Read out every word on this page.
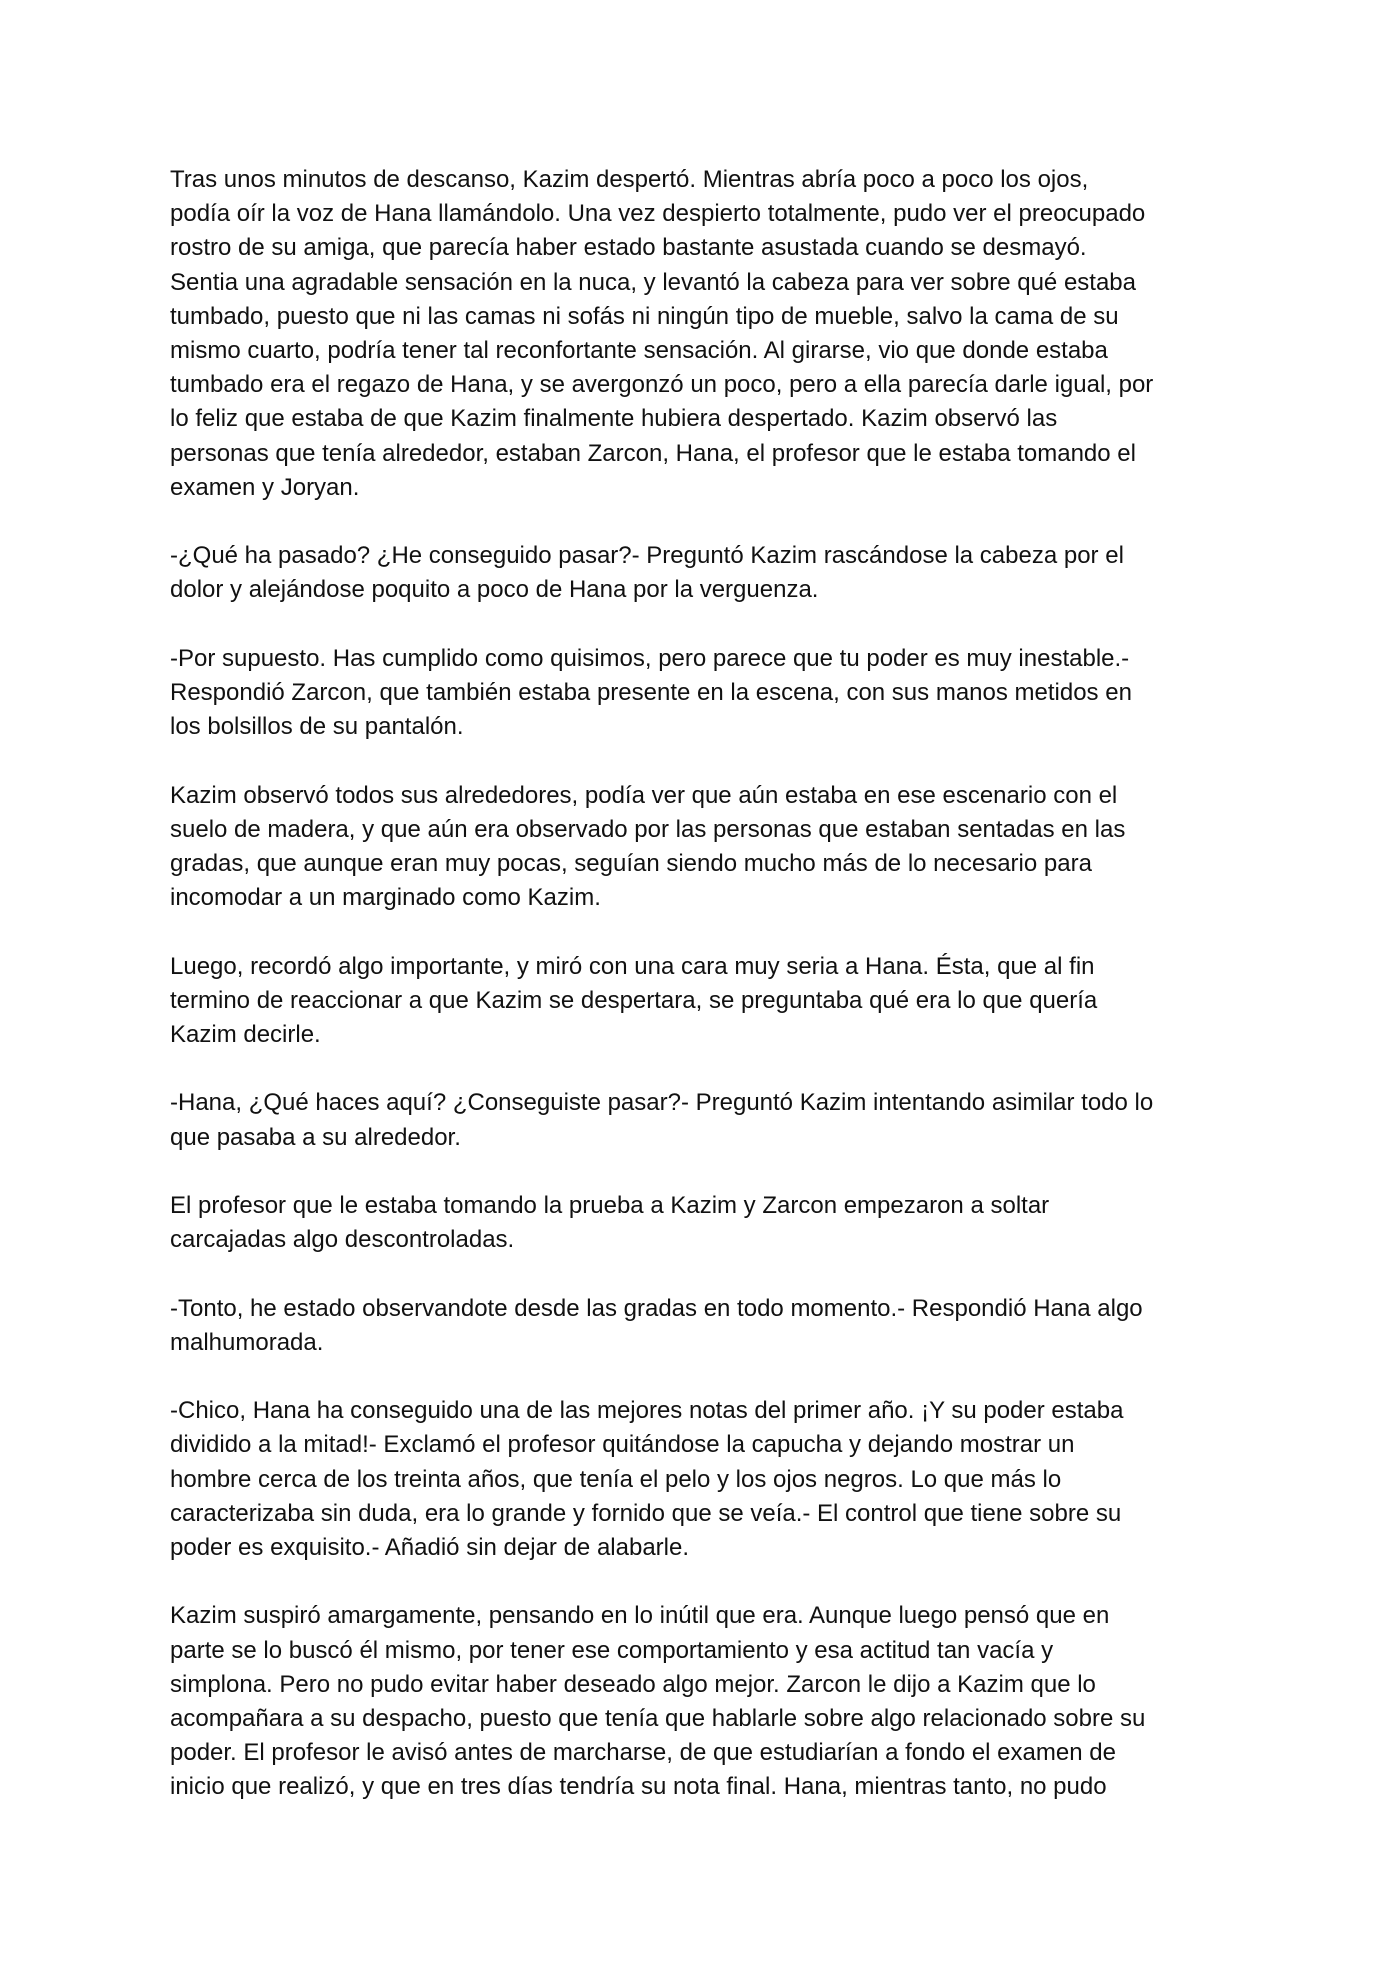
Tras unos minutos de descanso, Kazim despertó. Mientras abría poco a poco los ojos,
podía oír la voz de Hana llamándolo. Una vez despierto totalmente, pudo ver el preocupado
rostro de su amiga, que parecía haber estado bastante asustada cuando se desmayó.
Sentia una agradable sensación en la nuca, y levantó la cabeza para ver sobre qué estaba
tumbado, puesto que ni las camas ni sofás ni ningún tipo de mueble, salvo la cama de su
mismo cuarto, podría tener tal reconfortante sensación. Al girarse, vio que donde estaba
tumbado era el regazo de Hana, y se avergonzó un poco, pero a ella parecía darle igual, por
lo feliz que estaba de que Kazim finalmente hubiera despertado. Kazim observó las
personas que tenía alrededor, estaban Zarcon, Hana, el profesor que le estaba tomando el
examen y Joryan.

-¿Qué ha pasado? ¿He conseguido pasar?- Preguntó Kazim rascándose la cabeza por el
dolor y alejándose poquito a poco de Hana por la verguenza.

-Por supuesto. Has cumplido como quisimos, pero parece que tu poder es muy inestable.-
Respondió Zarcon, que también estaba presente en la escena, con sus manos metidos en
los bolsillos de su pantalón.

Kazim observó todos sus alrededores, podía ver que aún estaba en ese escenario con el
suelo de madera, y que aún era observado por las personas que estaban sentadas en las
gradas, que aunque eran muy pocas, seguían siendo mucho más de lo necesario para
incomodar a un marginado como Kazim.

Luego, recordó algo importante, y miró con una cara muy seria a Hana. Ésta, que al fin
termino de reaccionar a que Kazim se despertara, se preguntaba qué era lo que quería
Kazim decirle.

-Hana, ¿Qué haces aquí? ¿Conseguiste pasar?- Preguntó Kazim intentando asimilar todo lo
que pasaba a su alrededor.

El profesor que le estaba tomando la prueba a Kazim y Zarcon empezaron a soltar
carcajadas algo descontroladas.

-Tonto, he estado observandote desde las gradas en todo momento.- Respondió Hana algo
malhumorada.

-Chico, Hana ha conseguido una de las mejores notas del primer año. ¡Y su poder estaba
dividido a la mitad!- Exclamó el profesor quitándose la capucha y dejando mostrar un
hombre cerca de los treinta años, que tenía el pelo y los ojos negros. Lo que más lo
caracterizaba sin duda, era lo grande y fornido que se veía.- El control que tiene sobre su
poder es exquisito.- Añadió sin dejar de alabarle.

Kazim suspiró amargamente, pensando en lo inútil que era. Aunque luego pensó que en
parte se lo buscó él mismo, por tener ese comportamiento y esa actitud tan vacía y
simplona. Pero no pudo evitar haber deseado algo mejor. Zarcon le dijo a Kazim que lo
acompañara a su despacho, puesto que tenía que hablarle sobre algo relacionado sobre su
poder. El profesor le avisó antes de marcharse, de que estudiarían a fondo el examen de
inicio que realizó, y que en tres días tendría su nota final. Hana, mientras tanto, no pudo
